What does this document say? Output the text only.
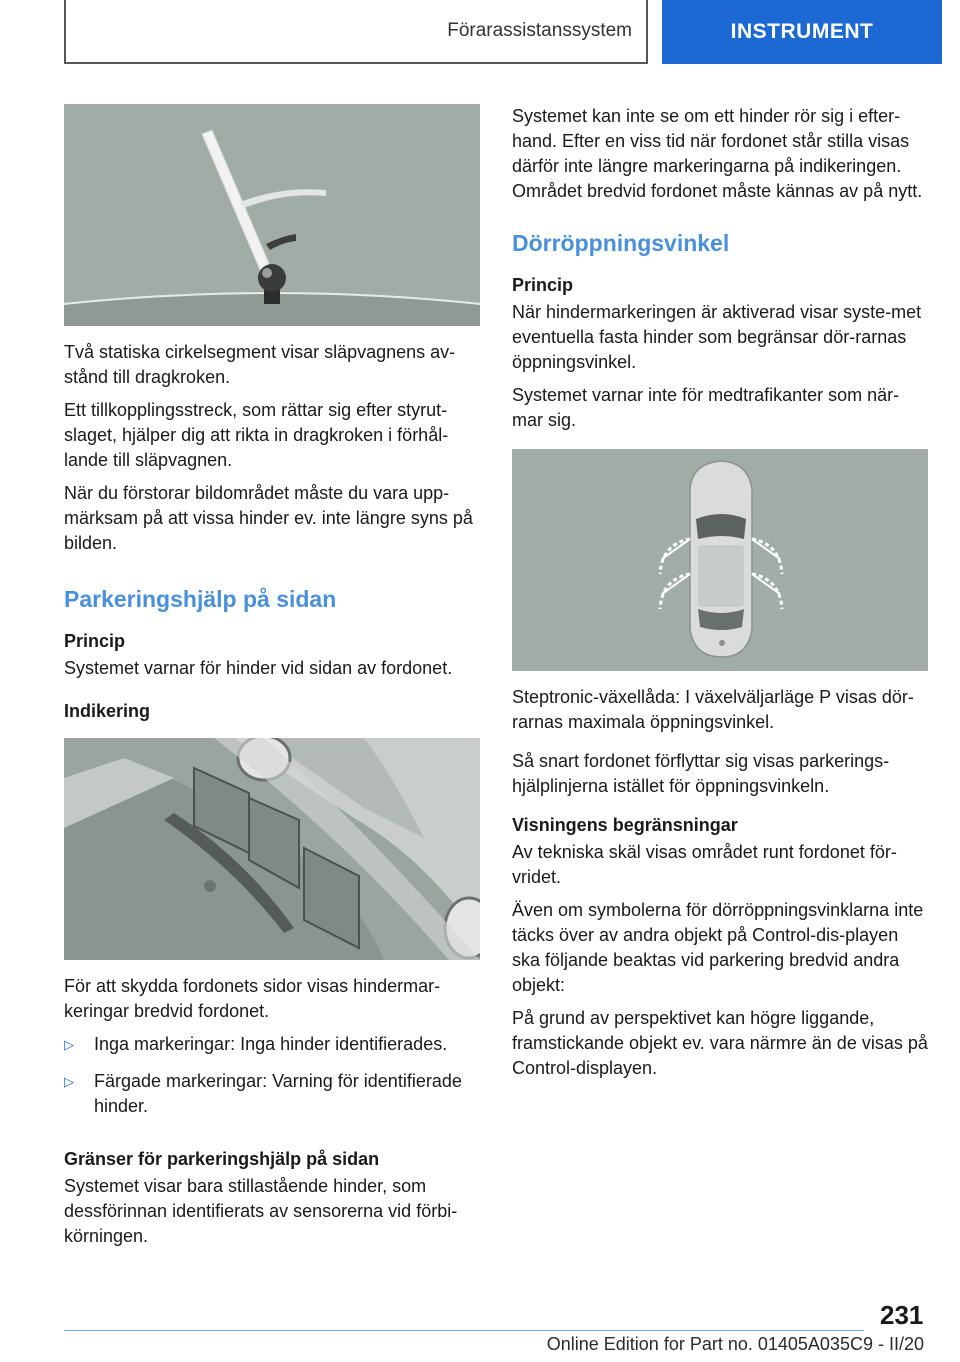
Förarassistanssystem	INSTRUMENT

Två statiska cirkelsegment visar släpvagnens av-stånd till dragkroken.

Ett tillkopplingsstreck, som rättar sig efter styrut-slaget, hjälper dig att rikta in dragkroken i förhål-lande till släpvagnen.

När du förstorar bildområdet måste du vara upp-märksam på att vissa hinder ev. inte längre syns på bilden.

Parkeringshjälp på sidan
Princip

Systemet varnar för hinder vid sidan av fordonet.

Indikering

För att skydda fordonets sidor visas hindermar-keringar bredvid fordonet.

▷ Inga markeringar: Inga hinder identifierades.
▷ Färgade markeringar: Varning för identifierade hinder.
Gränser för parkeringshjälp på sidan

Systemet visar bara stillastående hinder, som dessförinnan identifierats av sensorerna vid förbi-körningen.

Systemet kan inte se om ett hinder rör sig i efter-hand. Efter en viss tid när fordonet står stilla visas därför inte längre markeringarna på indikeringen. Området bredvid fordonet måste kännas av på nytt.

Dörröppningsvinkel
Princip

När hindermarkeringen är aktiverad visar syste-met eventuella fasta hinder som begränsar dör-rarnas öppningsvinkel.

Systemet varnar inte för medtrafikanter som när-mar sig.

Steptronic-växellåda: I växelväljarläge P visas dör-rarnas maximala öppningsvinkel.

Så snart fordonet förflyttar sig visas parkerings-hjälplinjerna istället för öppningsvinkeln.

Visningens begränsningar

Av tekniska skäl visas området runt fordonet för-vridet.

Även om symbolerna för dörröppningsvinklarna inte täcks över av andra objekt på Control-dis-playen ska följande beaktas vid parkering bredvid andra objekt:

På grund av perspektivet kan högre liggande, framstickande objekt ev. vara närmre än de visas på Control-displayen.

231
Online Edition for Part no. 01405A035C9 - II/20
